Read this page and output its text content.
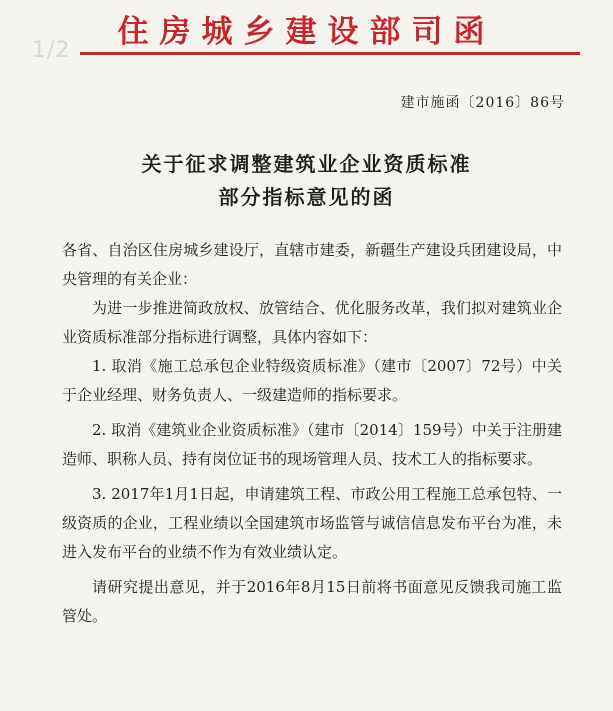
1/2
住房城乡建设部司函
建市施函〔2016〕86号
关于征求调整建筑业企业资质标准
部分指标意见的函

各省、自治区住房城乡建设厅，直辖市建委，新疆生产建设兵团建设局，中央管理的有关企业：

为进一步推进简政放权、放管结合、优化服务改革，我们拟对建筑业企业资质标准部分指标进行调整，具体内容如下：

1. 取消《施工总承包企业特级资质标准》（建市〔2007〕72号）中关于企业经理、财务负责人、一级建造师的指标要求。

2. 取消《建筑业企业资质标准》（建市〔2014〕159号）中关于注册建造师、职称人员、持有岗位证书的现场管理人员、技术工人的指标要求。

3. 2017年1月1日起，申请建筑工程、市政公用工程施工总承包特、一级资质的企业，工程业绩以全国建筑市场监管与诚信信息发布平台为准，未进入发布平台的业绩不作为有效业绩认定。

请研究提出意见，并于2016年8月15日前将书面意见反馈我司施工监管处。
